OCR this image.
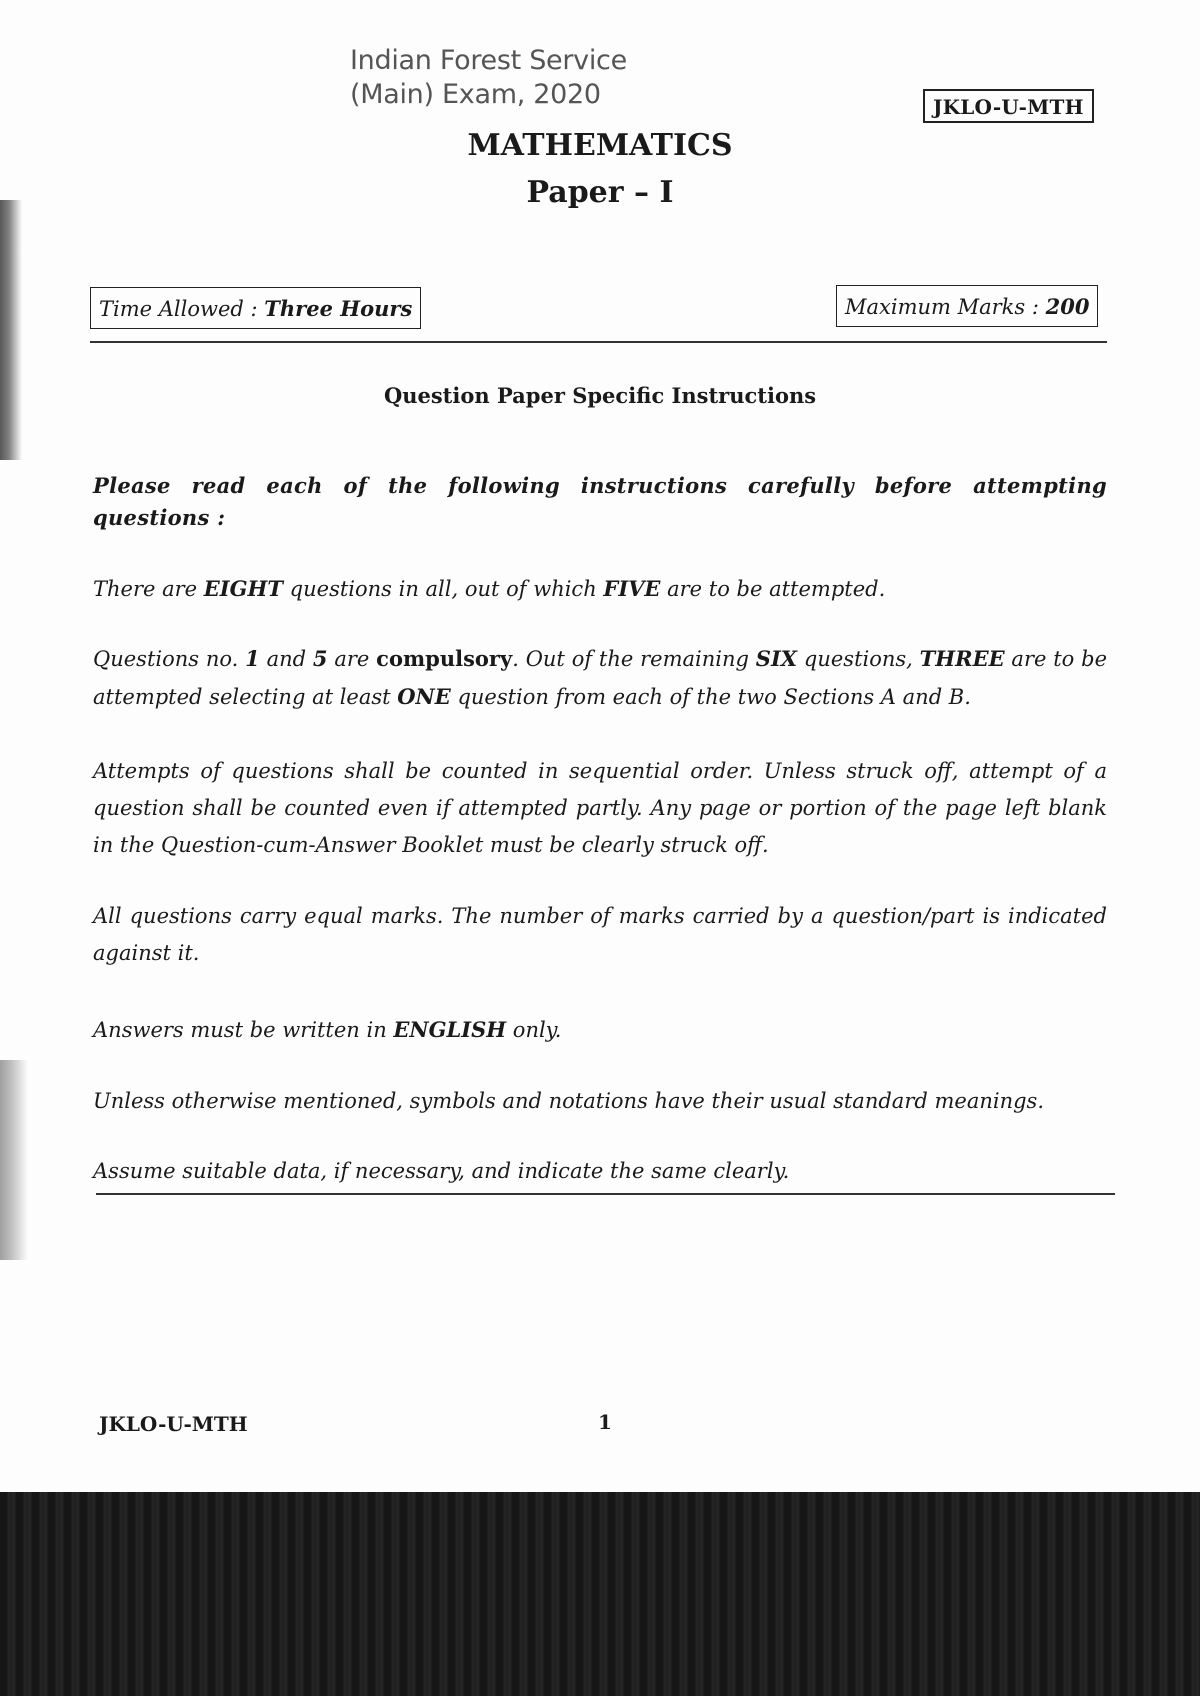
Indian Forest Service
(Main) Exam, 2020	JKLO-U-MTH
MATHEMATICS
Paper – I
Time Allowed : Three Hours	Maximum Marks : 200
Question Paper Specific Instructions
Please read each of the following instructions carefully before attempting questions :
There are EIGHT questions in all, out of which FIVE are to be attempted.
Questions no. 1 and 5 are compulsory. Out of the remaining SIX questions, THREE are to be attempted selecting at least ONE question from each of the two Sections A and B.
Attempts of questions shall be counted in sequential order. Unless struck off, attempt of a question shall be counted even if attempted partly. Any page or portion of the page left blank in the Question-cum-Answer Booklet must be clearly struck off.
All questions carry equal marks. The number of marks carried by a question/part is indicated against it.
Answers must be written in ENGLISH only.
Unless otherwise mentioned, symbols and notations have their usual standard meanings.
Assume suitable data, if necessary, and indicate the same clearly.
JKLO-U-MTH	1
